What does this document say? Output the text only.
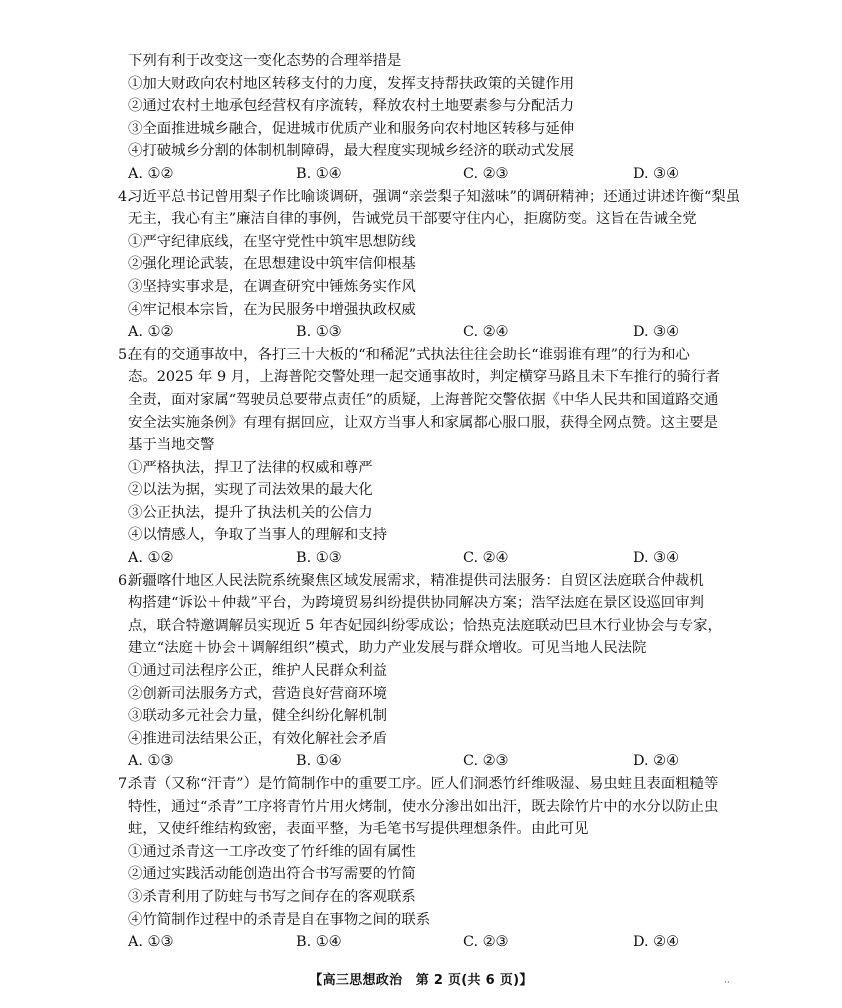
下列有利于改变这一变化态势的合理举措是
①加大财政向农村地区转移支付的力度，发挥支持帮扶政策的关键作用
②通过农村土地承包经营权有序流转，释放农村土地要素参与分配活力
③全面推进城乡融合，促进城市优质产业和服务向农村地区转移与延伸
④打破城乡分割的体制机制障碍，最大程度实现城乡经济的联动式发展
A. ①②	B. ①④	C. ②③	D. ③④
4.
习近平总书记曾用梨子作比喻谈调研，强调“亲尝梨子知滋味”的调研精神；还通过讲述许衡“梨虽
无主，我心有主”廉洁自律的事例，告诫党员干部要守住内心，拒腐防变。这旨在告诫全党
①严守纪律底线，在坚守党性中筑牢思想防线
②强化理论武装，在思想建设中筑牢信仰根基
③坚持实事求是，在调查研究中锤炼务实作风
④牢记根本宗旨，在为民服务中增强执政权威
A. ①②	B. ①③	C. ②④	D. ③④
5.
在有的交通事故中，各打三十大板的“和稀泥”式执法往往会助长“谁弱谁有理”的行为和心
态。2025 年 9 月，上海普陀交警处理一起交通事故时，判定横穿马路且未下车推行的骑行者
全责，面对家属“驾驶员总要带点责任”的质疑，上海普陀交警依据《中华人民共和国道路交通
安全法实施条例》有理有据回应，让双方当事人和家属都心服口服，获得全网点赞。这主要是
基于当地交警
①严格执法，捍卫了法律的权威和尊严
②以法为据，实现了司法效果的最大化
③公正执法，提升了执法机关的公信力
④以情感人，争取了当事人的理解和支持
A. ①②	B. ①③	C. ②④	D. ③④
6.
新疆喀什地区人民法院系统聚焦区域发展需求，精准提供司法服务：自贸区法庭联合仲裁机
构搭建“诉讼＋仲裁”平台，为跨境贸易纠纷提供协同解决方案；浩罕法庭在景区设巡回审判
点，联合特邀调解员实现近 5 年杏妃园纠纷零成讼；恰热克法庭联动巴旦木行业协会与专家，
建立“法庭＋协会＋调解组织”模式，助力产业发展与群众增收。可见当地人民法院
①通过司法程序公正，维护人民群众利益
②创新司法服务方式，营造良好营商环境
③联动多元社会力量，健全纠纷化解机制
④推进司法结果公正，有效化解社会矛盾
A. ①③	B. ①④	C. ②③	D. ②④
7.
杀青（又称“汗青”）是竹简制作中的重要工序。匠人们洞悉竹纤维吸湿、易虫蛀且表面粗糙等
特性，通过“杀青”工序将青竹片用火烤制，使水分渗出如出汗，既去除竹片中的水分以防止虫
蛀，又使纤维结构致密，表面平整，为毛笔书写提供理想条件。由此可见
①通过杀青这一工序改变了竹纤维的固有属性
②通过实践活动能创造出符合书写需要的竹简
③杀青利用了防蛀与书写之间存在的客观联系
④竹简制作过程中的杀青是自在事物之间的联系
A. ①③	B. ①④	C. ②③	D. ②④
【高三思想政治　第 2 页(共 6 页)】	··
